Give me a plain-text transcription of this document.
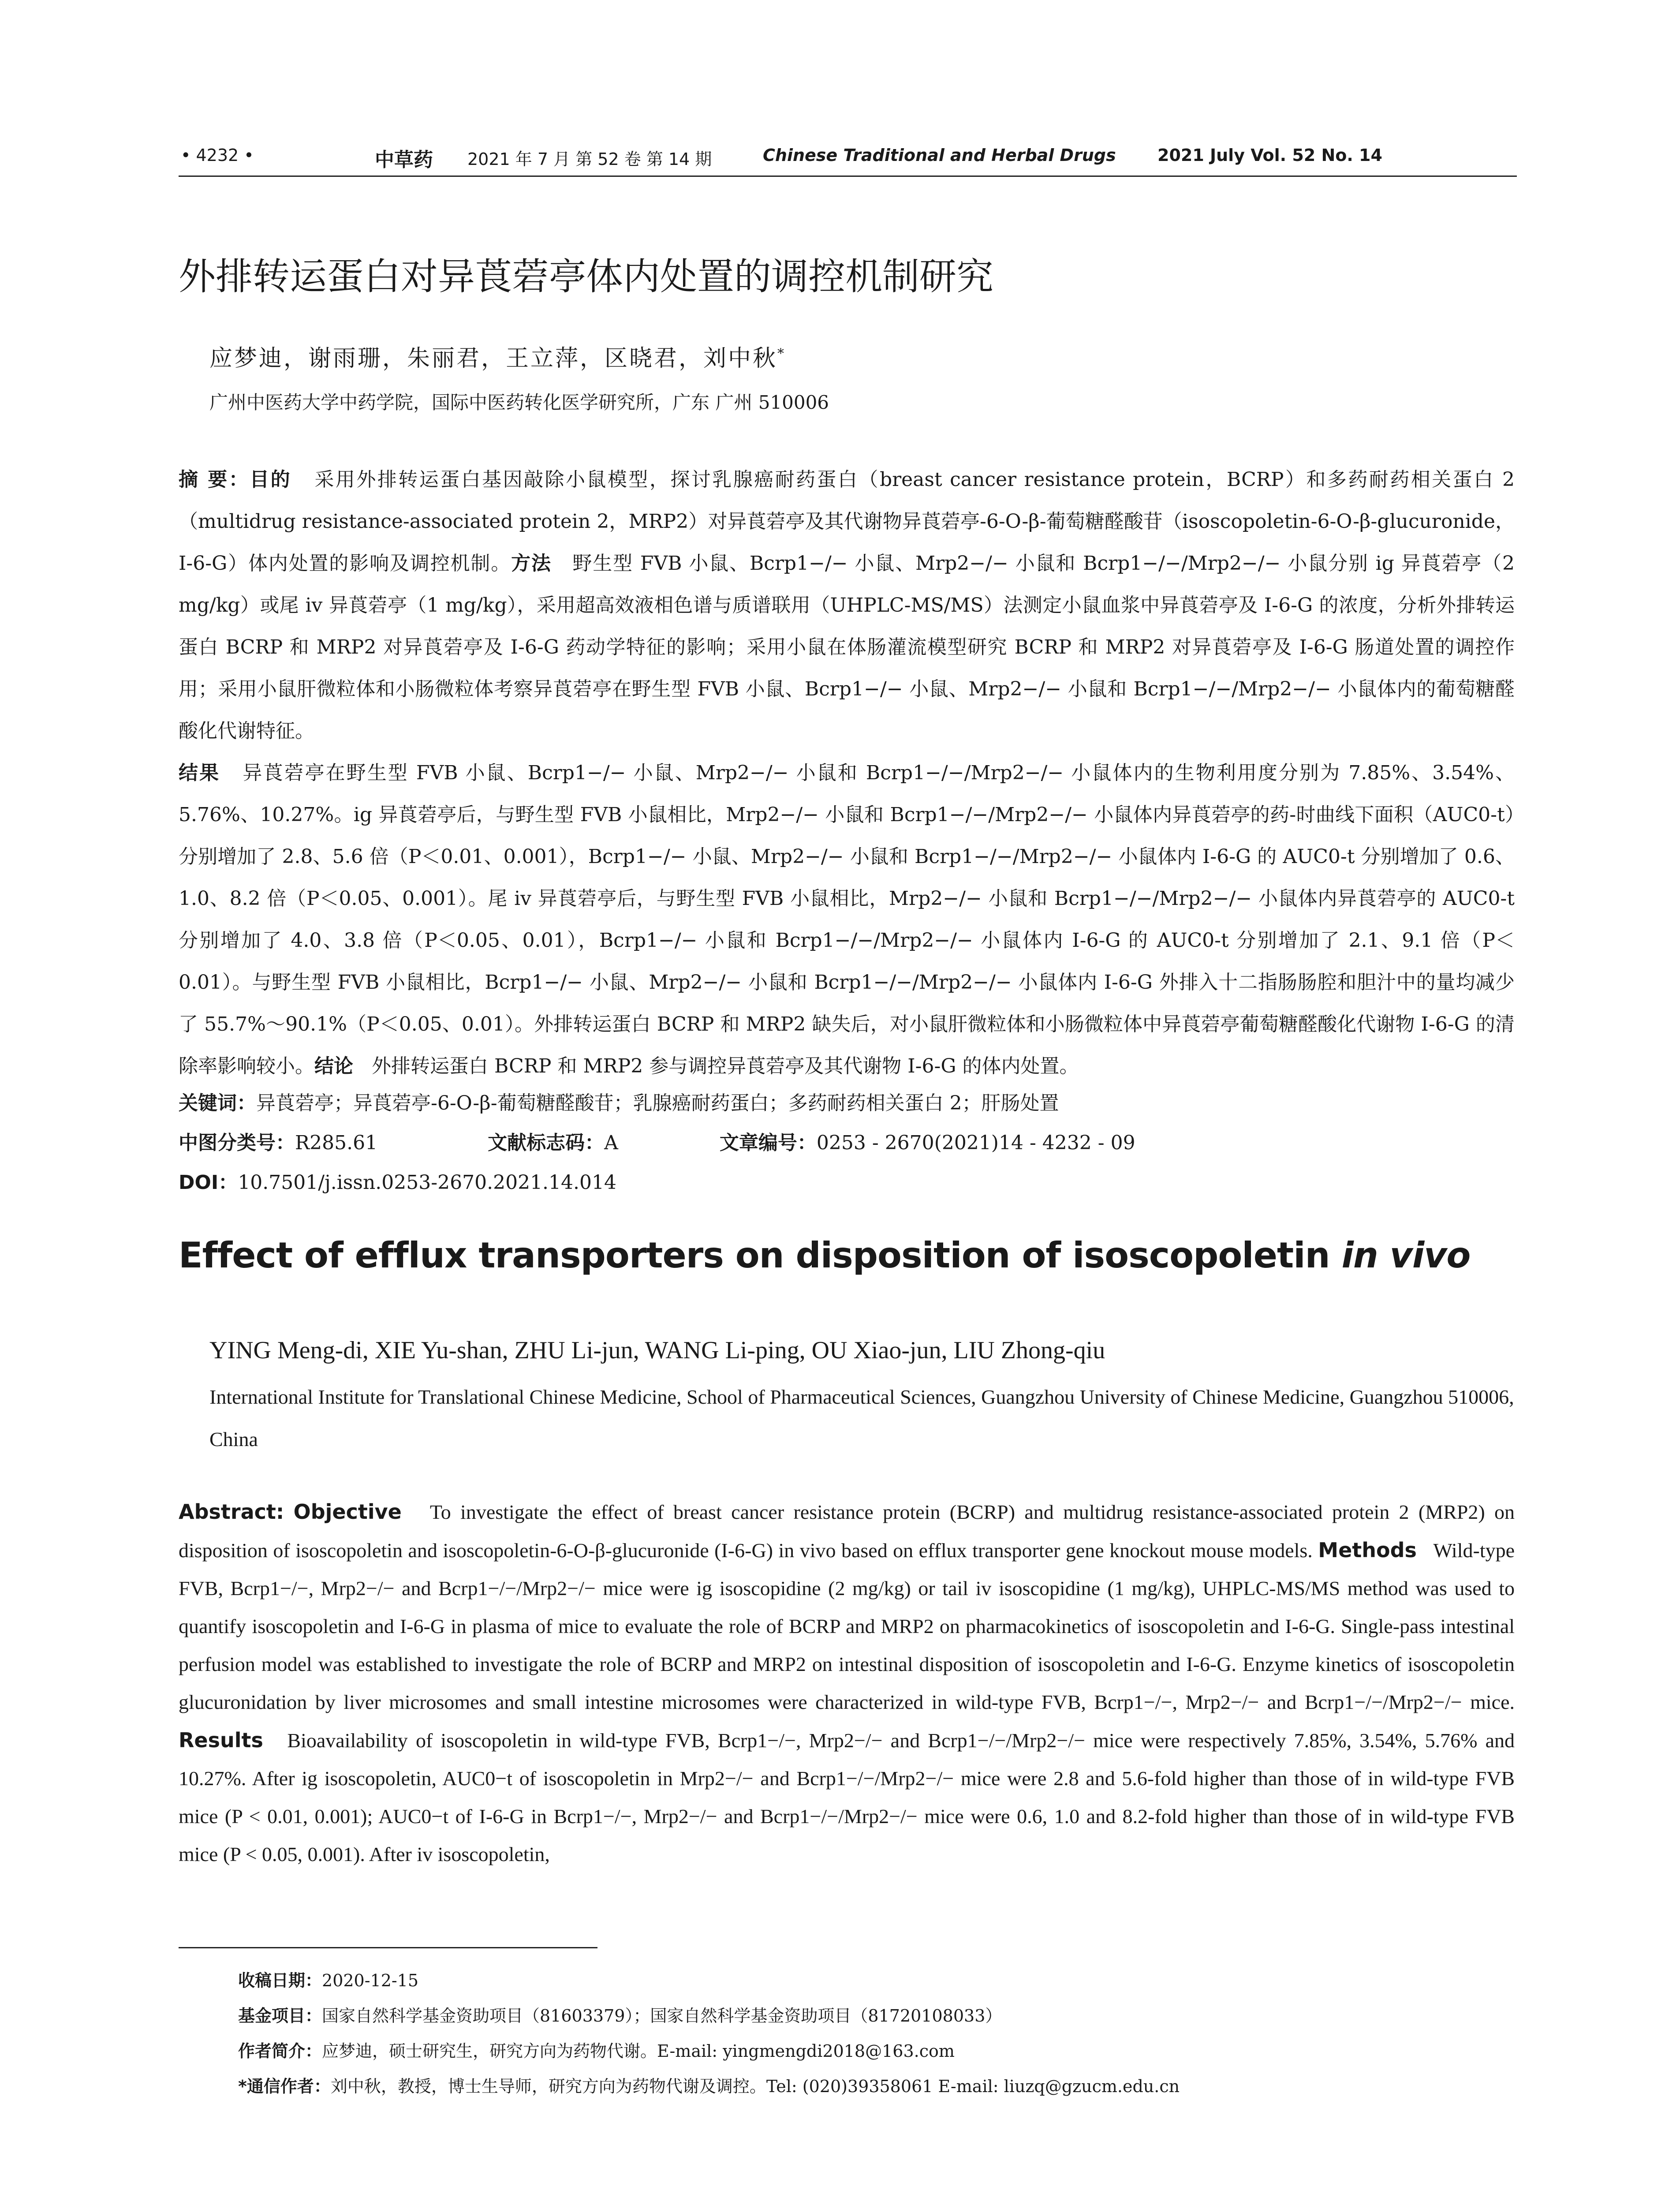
• 4232 •	中草药 2021 年 7 月 第 52 卷 第 14 期	Chinese Traditional and Herbal Drugs 2021 July Vol. 52 No. 14
外排转运蛋白对异莨菪亭体内处置的调控机制研究
应梦迪，谢雨珊，朱丽君，王立萍，区晓君，刘中秋*
广州中医药大学中药学院，国际中医药转化医学研究所，广东 广州 510006
摘 要：目的 采用外排转运蛋白基因敲除小鼠模型，探讨乳腺癌耐药蛋白（breast cancer resistance protein，BCRP）和多药耐药相关蛋白 2（multidrug resistance-associated protein 2，MRP2）对异莨菪亭及其代谢物异莨菪亭-6-O-β-葡萄糖醛酸苷（isoscopoletin-6-O-β-glucuronide，I-6-G）体内处置的影响及调控机制。方法 野生型 FVB 小鼠、Bcrp1−/− 小鼠、Mrp2−/− 小鼠和 Bcrp1−/−/Mrp2−/− 小鼠分别 ig 异莨菪亭（2 mg/kg）或尾 iv 异莨菪亭（1 mg/kg），采用超高效液相色谱与质谱联用（UHPLC-MS/MS）法测定小鼠血浆中异莨菪亭及 I-6-G 的浓度，分析外排转运蛋白 BCRP 和 MRP2 对异莨菪亭及 I-6-G 药动学特征的影响；采用小鼠在体肠灌流模型研究 BCRP 和 MRP2 对异莨菪亭及 I-6-G 肠道处置的调控作用；采用小鼠肝微粒体和小肠微粒体考察异莨菪亭在野生型 FVB 小鼠、Bcrp1−/− 小鼠、Mrp2−/− 小鼠和 Bcrp1−/−/Mrp2−/− 小鼠体内的葡萄糖醛酸化代谢特征。
结果 异莨菪亭在野生型 FVB 小鼠、Bcrp1−/− 小鼠、Mrp2−/− 小鼠和 Bcrp1−/−/Mrp2−/− 小鼠体内的生物利用度分别为 7.85%、3.54%、5.76%、10.27%。ig 异莨菪亭后，与野生型 FVB 小鼠相比，Mrp2−/− 小鼠和 Bcrp1−/−/Mrp2−/− 小鼠体内异莨菪亭的药-时曲线下面积（AUC0-t）分别增加了 2.8、5.6 倍（P＜0.01、0.001），Bcrp1−/− 小鼠、Mrp2−/− 小鼠和 Bcrp1−/−/Mrp2−/− 小鼠体内 I-6-G 的 AUC0-t 分别增加了 0.6、1.0、8.2 倍（P＜0.05、0.001）。尾 iv 异莨菪亭后，与野生型 FVB 小鼠相比，Mrp2−/− 小鼠和 Bcrp1−/−/Mrp2−/− 小鼠体内异莨菪亭的 AUC0-t 分别增加了 4.0、3.8 倍（P＜0.05、0.01），Bcrp1−/− 小鼠和 Bcrp1−/−/Mrp2−/− 小鼠体内 I-6-G 的 AUC0-t 分别增加了 2.1、9.1 倍（P＜0.01）。与野生型 FVB 小鼠相比，Bcrp1−/− 小鼠、Mrp2−/− 小鼠和 Bcrp1−/−/Mrp2−/− 小鼠体内 I-6-G 外排入十二指肠肠腔和胆汁中的量均减少了 55.7%～90.1%（P＜0.05、0.01）。外排转运蛋白 BCRP 和 MRP2 缺失后，对小鼠肝微粒体和小肠微粒体中异莨菪亭葡萄糖醛酸化代谢物 I-6-G 的清除率影响较小。结论 外排转运蛋白 BCRP 和 MRP2 参与调控异莨菪亭及其代谢物 I-6-G 的体内处置。
关键词：异莨菪亭；异莨菪亭-6-O-β-葡萄糖醛酸苷；乳腺癌耐药蛋白；多药耐药相关蛋白 2；肝肠处置
中图分类号：R285.61	文献标志码：A	文章编号：0253 - 2670(2021)14 - 4232 - 09
DOI：10.7501/j.issn.0253-2670.2021.14.014
Effect of efflux transporters on disposition of isoscopoletin in vivo
YING Meng-di, XIE Yu-shan, ZHU Li-jun, WANG Li-ping, OU Xiao-jun, LIU Zhong-qiu
International Institute for Translational Chinese Medicine, School of Pharmaceutical Sciences, Guangzhou University of Chinese Medicine, Guangzhou 510006, China
Abstract: Objective To investigate the effect of breast cancer resistance protein (BCRP) and multidrug resistance-associated protein 2 (MRP2) on disposition of isoscopoletin and isoscopoletin-6-O-β-glucuronide (I-6-G) in vivo based on efflux transporter gene knockout mouse models. Methods Wild-type FVB, Bcrp1−/−, Mrp2−/− and Bcrp1−/−/Mrp2−/− mice were ig isoscopidine (2 mg/kg) or tail iv isoscopidine (1 mg/kg), UHPLC-MS/MS method was used to quantify isoscopoletin and I-6-G in plasma of mice to evaluate the role of BCRP and MRP2 on pharmacokinetics of isoscopoletin and I-6-G. Single-pass intestinal perfusion model was established to investigate the role of BCRP and MRP2 on intestinal disposition of isoscopoletin and I-6-G. Enzyme kinetics of isoscopoletin glucuronidation by liver microsomes and small intestine microsomes were characterized in wild-type FVB, Bcrp1−/−, Mrp2−/− and Bcrp1−/−/Mrp2−/− mice. Results Bioavailability of isoscopoletin in wild-type FVB, Bcrp1−/−, Mrp2−/− and Bcrp1−/−/Mrp2−/− mice were respectively 7.85%, 3.54%, 5.76% and 10.27%. After ig isoscopoletin, AUC0−t of isoscopoletin in Mrp2−/− and Bcrp1−/−/Mrp2−/− mice were 2.8 and 5.6-fold higher than those of in wild-type FVB mice (P < 0.01, 0.001); AUC0−t of I-6-G in Bcrp1−/−, Mrp2−/− and Bcrp1−/−/Mrp2−/− mice were 0.6, 1.0 and 8.2-fold higher than those of in wild-type FVB mice (P < 0.05, 0.001). After iv isoscopoletin,
收稿日期：2020-12-15
基金项目：国家自然科学基金资助项目（81603379）；国家自然科学基金资助项目（81720108033）
作者简介：应梦迪，硕士研究生，研究方向为药物代谢。E-mail: yingmengdi2018@163.com
*通信作者：刘中秋，教授，博士生导师，研究方向为药物代谢及调控。Tel: (020)39358061 E-mail: liuzq@gzucm.edu.cn
